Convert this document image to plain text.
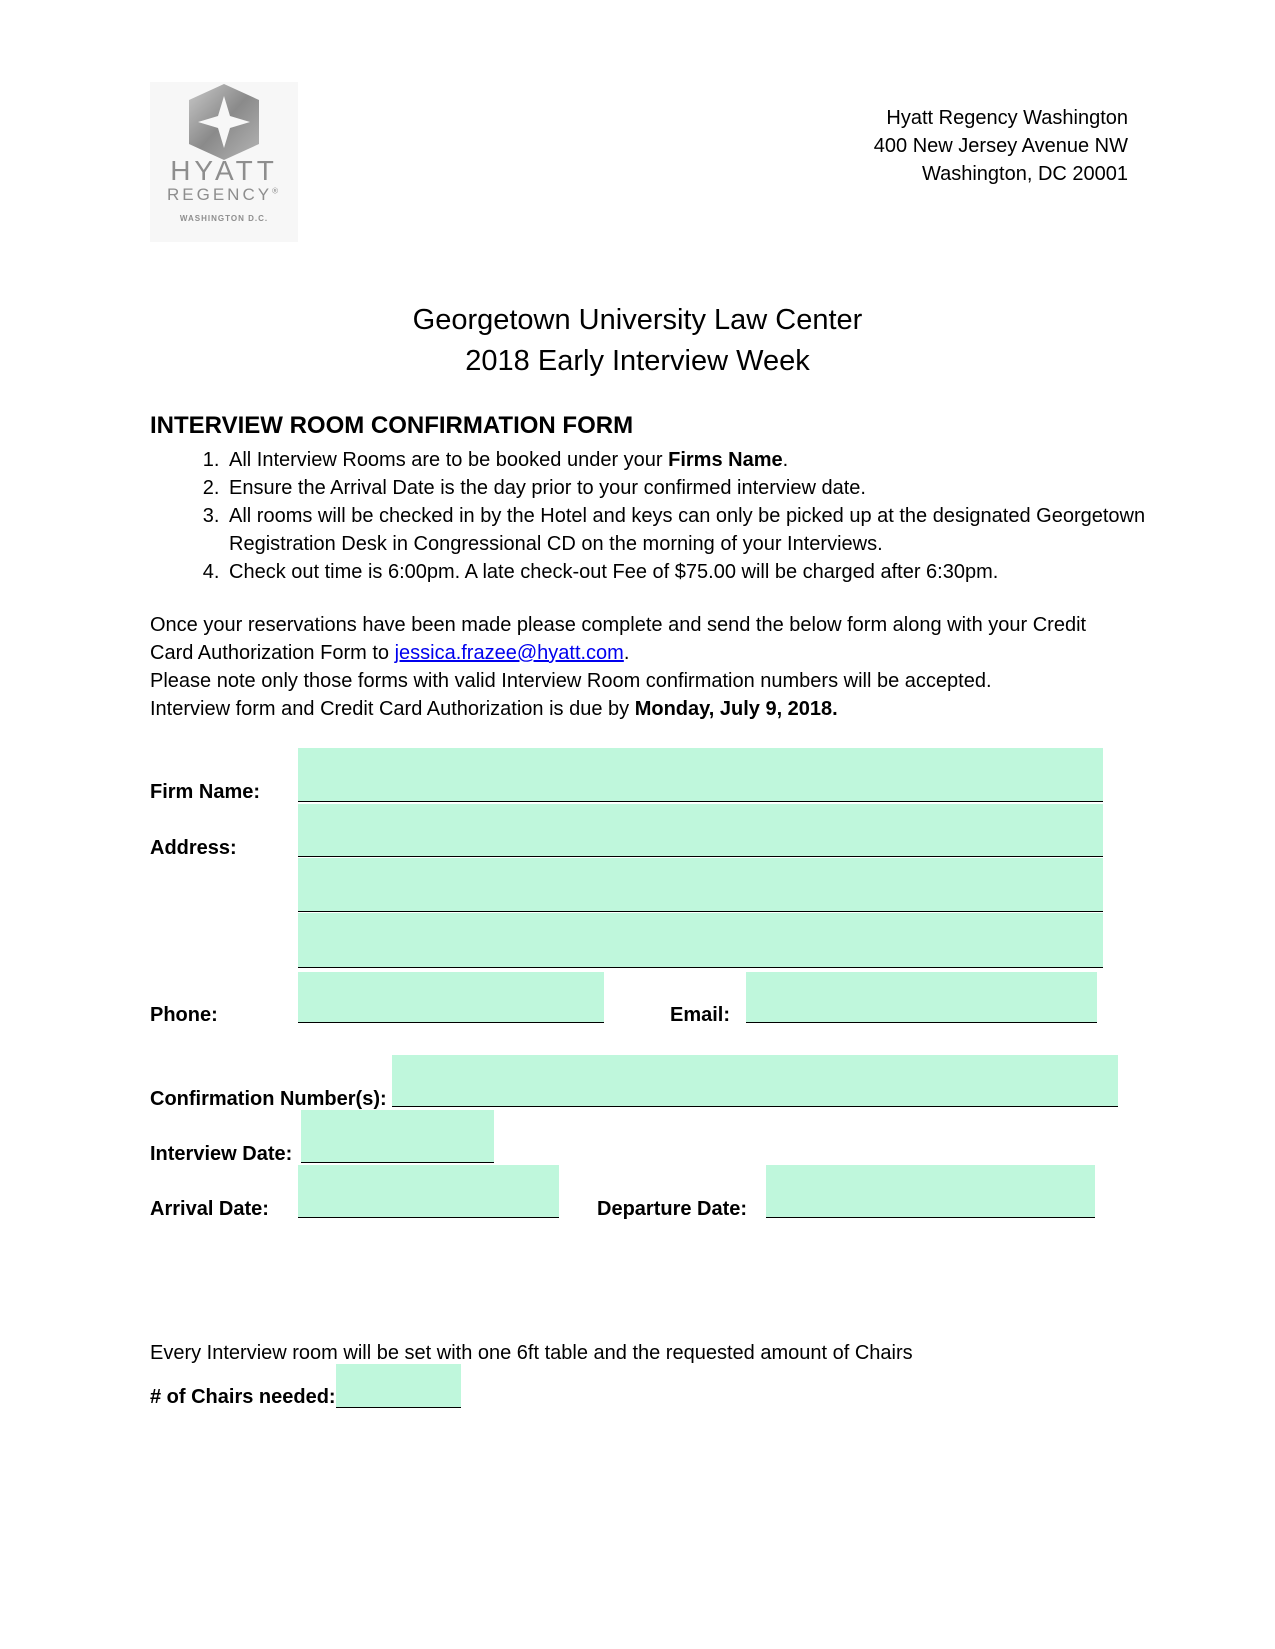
HYATT
REGENCY®
WASHINGTON D.C.
Hyatt Regency Washington
400 New Jersey Avenue NW
Washington, DC 20001
Georgetown University Law Center
2018 Early Interview Week
INTERVIEW ROOM CONFIRMATION FORM
1. All Interview Rooms are to be booked under your Firms Name.
2. Ensure the Arrival Date is the day prior to your confirmed interview date.
3. All rooms will be checked in by the Hotel and keys can only be picked up at the designated Georgetown Registration Desk in Congressional CD on the morning of your Interviews.
4. Check out time is 6:00pm. A late check-out Fee of $75.00 will be charged after 6:30pm.
Once your reservations have been made please complete and send the below form along with your Credit Card Authorization Form to jessica.frazee@hyatt.com.
Please note only those forms with valid Interview Room confirmation numbers will be accepted.
Interview form and Credit Card Authorization is due by Monday, July 9, 2018.
Firm Name:
Address:
Phone:	Email:
Confirmation Number(s):
Interview Date:
Arrival Date:	Departure Date:
Every Interview room will be set with one 6ft table and the requested amount of Chairs
# of Chairs needed:
